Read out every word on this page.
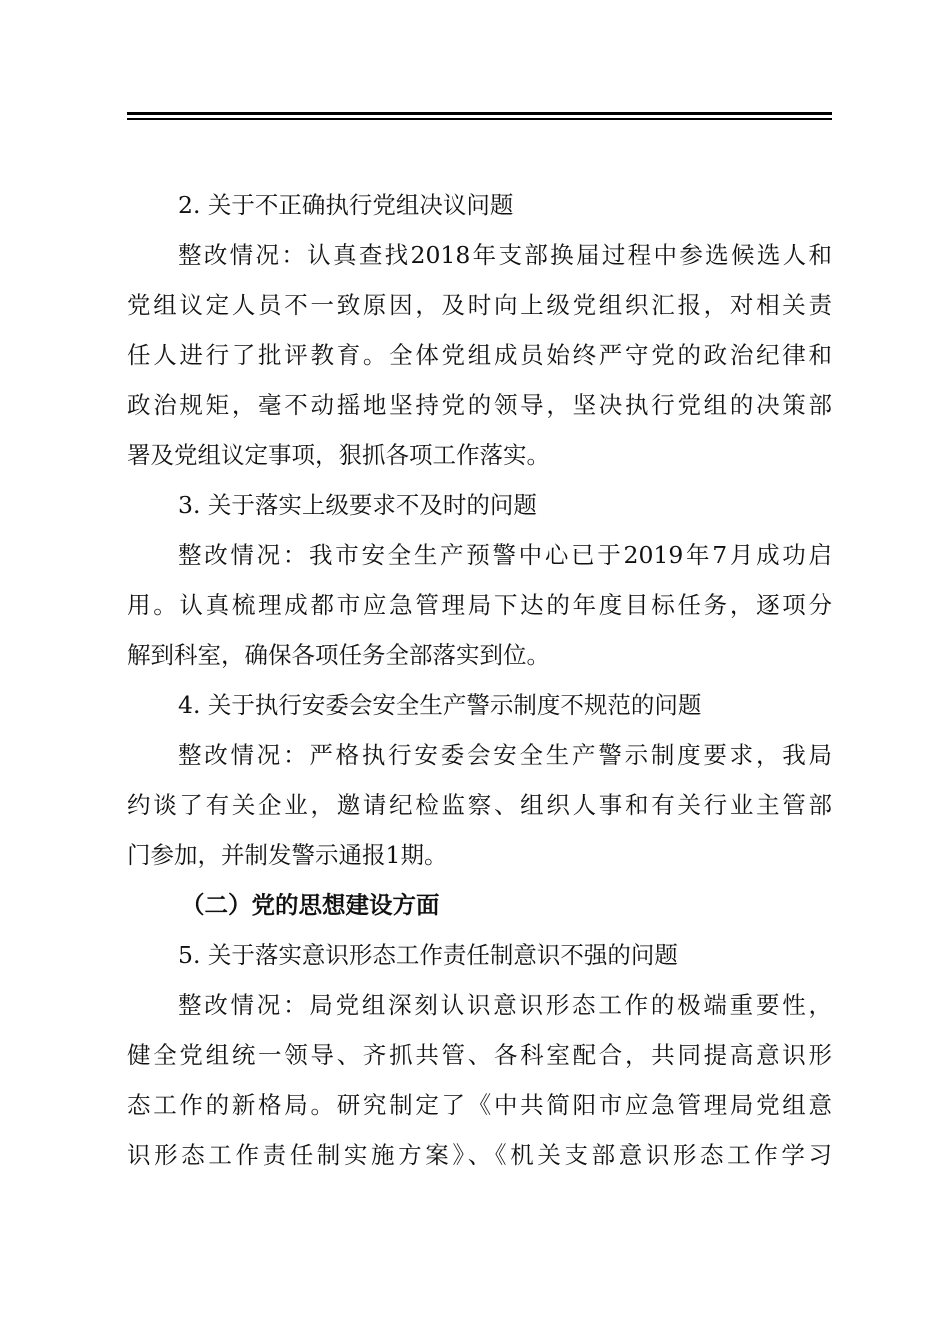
2. 关于不正确执行党组决议问题
整改情况：认真查找2018年支部换届过程中参选候选人和
党组议定人员不一致原因，及时向上级党组织汇报，对相关责
任人进行了批评教育。全体党组成员始终严守党的政治纪律和
政治规矩，毫不动摇地坚持党的领导，坚决执行党组的决策部
署及党组议定事项，狠抓各项工作落实。
3. 关于落实上级要求不及时的问题
整改情况：我市安全生产预警中心已于2019年7月成功启
用。认真梳理成都市应急管理局下达的年度目标任务，逐项分
解到科室，确保各项任务全部落实到位。
4. 关于执行安委会安全生产警示制度不规范的问题
整改情况：严格执行安委会安全生产警示制度要求，我局
约谈了有关企业，邀请纪检监察、组织人事和有关行业主管部
门参加，并制发警示通报1期。
（二）党的思想建设方面
5. 关于落实意识形态工作责任制意识不强的问题
整改情况：局党组深刻认识意识形态工作的极端重要性，
健全党组统一领导、齐抓共管、各科室配合，共同提高意识形
态工作的新格局。研究制定了《中共简阳市应急管理局党组意
识形态工作责任制实施方案》、《机关支部意识形态工作学习
